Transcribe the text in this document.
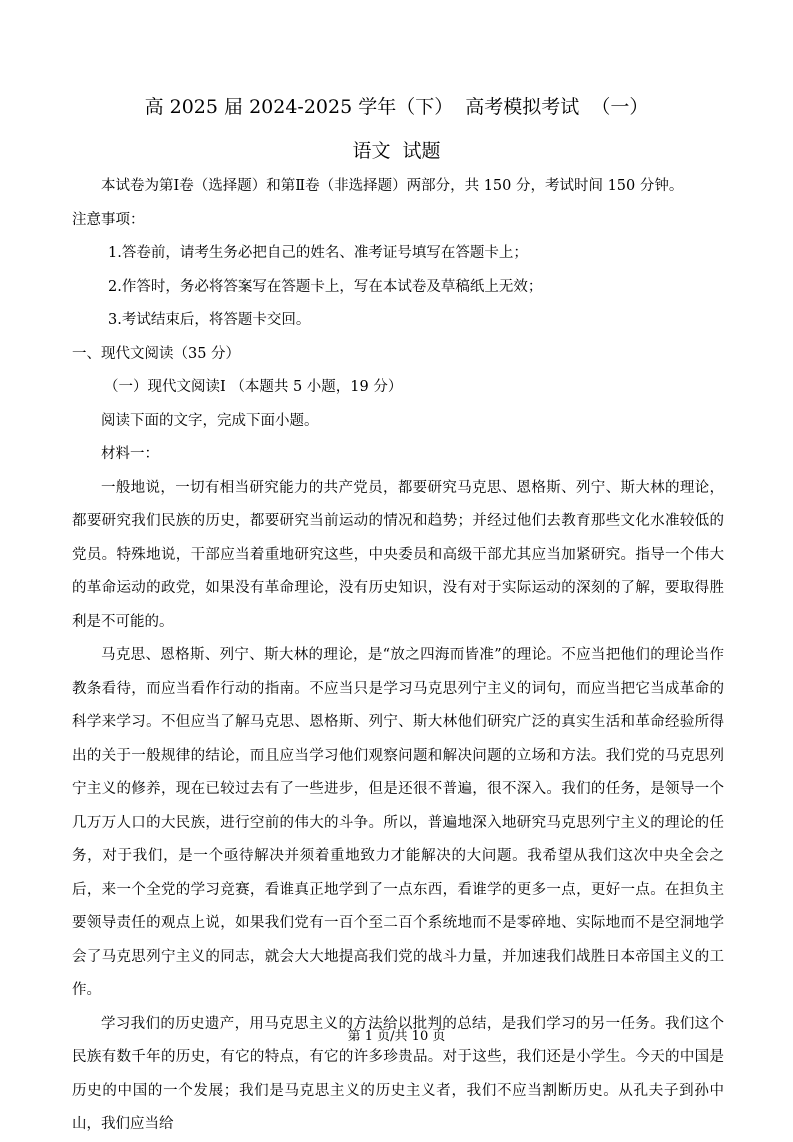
高 2025 届 2024-2025 学年（下）  高考模拟考试  （一）
语文  试题

本试卷为第Ⅰ卷（选择题）和第Ⅱ卷（非选择题）两部分，共 150 分，考试时间 150 分钟。

注意事项：

1.答卷前，请考生务必把自己的姓名、准考证号填写在答题卡上；

2.作答时，务必将答案写在答题卡上，写在本试卷及草稿纸上无效；

3.考试结束后，将答题卡交回。

一、现代文阅读（35 分）

（一）现代文阅读Ⅰ （本题共 5 小题，19 分）

阅读下面的文字，完成下面小题。

材料一：

一般地说，一切有相当研究能力的共产党员，都要研究马克思、恩格斯、列宁、斯大林的理论，都要研究我们民族的历史，都要研究当前运动的情况和趋势；并经过他们去教育那些文化水准较低的党员。特殊地说，干部应当着重地研究这些，中央委员和高级干部尤其应当加紧研究。指导一个伟大的革命运动的政党，如果没有革命理论，没有历史知识，没有对于实际运动的深刻的了解，要取得胜利是不可能的。

马克思、恩格斯、列宁、斯大林的理论，是“放之四海而皆准”的理论。不应当把他们的理论当作教条看待，而应当看作行动的指南。不应当只是学习马克思列宁主义的词句，而应当把它当成革命的科学来学习。不但应当了解马克思、恩格斯、列宁、斯大林他们研究广泛的真实生活和革命经验所得出的关于一般规律的结论，而且应当学习他们观察问题和解决问题的立场和方法。我们党的马克思列宁主义的修养，现在已较过去有了一些进步，但是还很不普遍，很不深入。我们的任务，是领导一个几万万人口的大民族，进行空前的伟大的斗争。所以，普遍地深入地研究马克思列宁主义的理论的任务，对于我们，是一个亟待解决并须着重地致力才能解决的大问题。我希望从我们这次中央全会之后，来一个全党的学习竞赛，看谁真正地学到了一点东西，看谁学的更多一点，更好一点。在担负主要领导责任的观点上说，如果我们党有一百个至二百个系统地而不是零碎地、实际地而不是空洞地学会了马克思列宁主义的同志，就会大大地提高我们党的战斗力量，并加速我们战胜日本帝国主义的工作。

学习我们的历史遗产，用马克思主义的方法给以批判的总结，是我们学习的另一任务。我们这个民族有数千年的历史，有它的特点，有它的许多珍贵品。对于这些，我们还是小学生。今天的中国是历史的中国的一个发展；我们是马克思主义的历史主义者，我们不应当割断历史。从孔夫子到孙中山，我们应当给

第 1 页/共 10 页
